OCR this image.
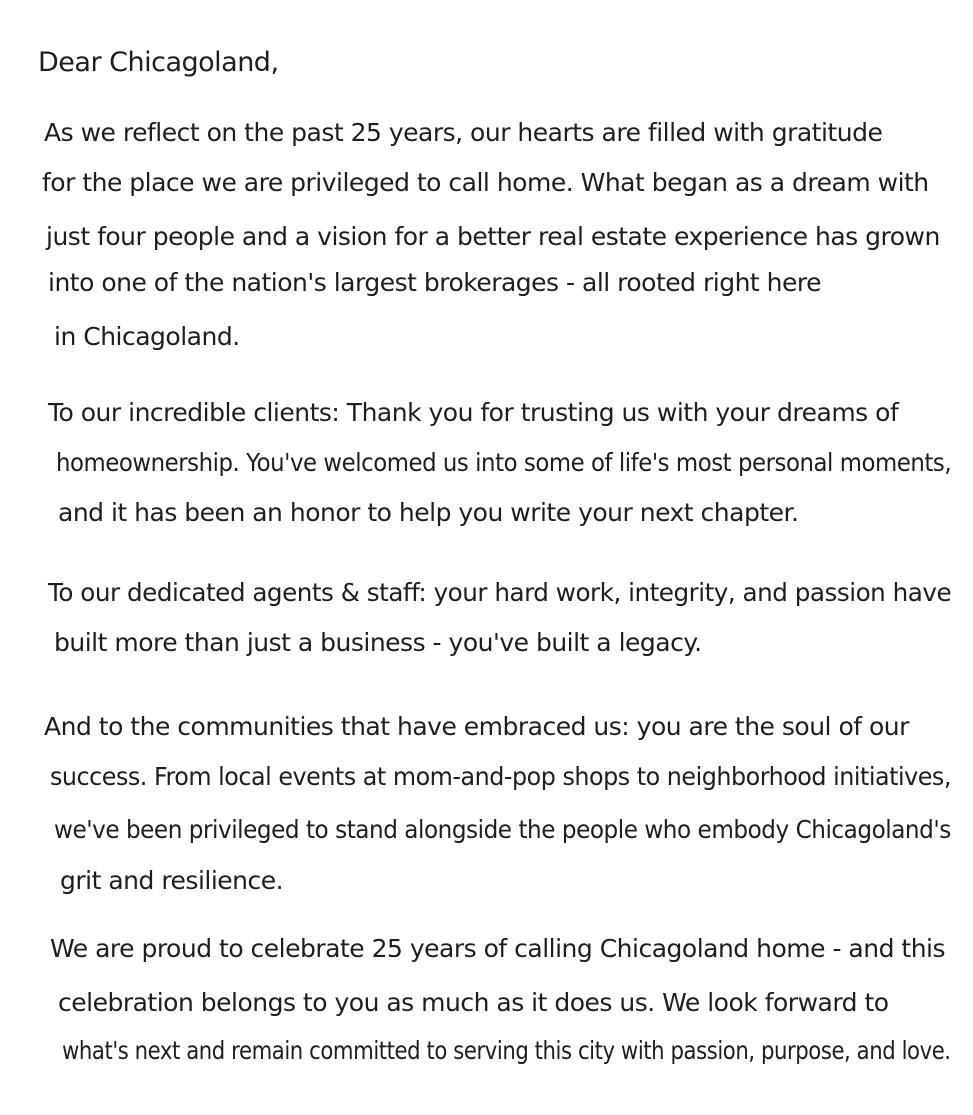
Dear Chicagoland,
As we reflect on the past 25 years, our hearts are filled with gratitude
for the place we are privileged to call home. What began as a dream with
just four people and a vision for a better real estate experience has grown
into one of the nation's largest brokerages - all rooted right here
in Chicagoland.
To our incredible clients: Thank you for trusting us with your dreams of
homeownership. You've welcomed us into some of life's most personal moments,
and it has been an honor to help you write your next chapter.
To our dedicated agents & staff: your hard work, integrity, and passion have
built more than just a business - you've built a legacy.
And to the communities that have embraced us: you are the soul of our
success. From local events at mom-and-pop shops to neighborhood initiatives,
we've been privileged to stand alongside the people who embody Chicagoland's
grit and resilience.
We are proud to celebrate 25 years of calling Chicagoland home - and this
celebration belongs to you as much as it does us. We look forward to
what's next and remain committed to serving this city with passion, purpose, and love.
